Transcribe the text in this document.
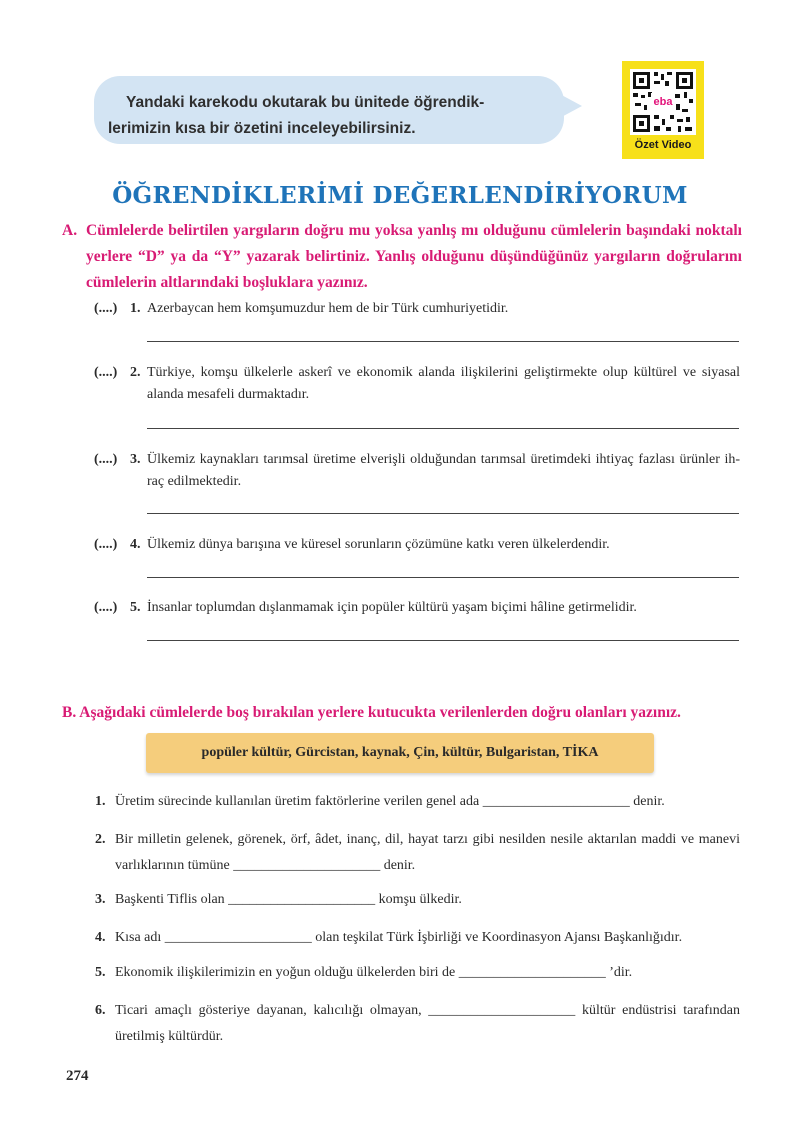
Yandaki karekodu okutarak bu ünitede öğrendik-
lerimizin kısa bir özetini inceleyebilirsiniz.
eba
Özet Video
ÖĞRENDİKLERİMİ DEĞERLENDİRİYORUM
A. Cümlelerde belirtilen yargıların doğru mu yoksa yanlış mı olduğunu cümlelerin başındaki noktalı yerlere “D” ya da “Y” yazarak belirtiniz. Yanlış olduğunu düşündüğünüz yargıların doğrularını cümlelerin altlarındaki boşluklara yazınız.
(....) 1. Azerbaycan hem komşumuzdur hem de bir Türk cumhuriyetidir.
(....) 2. Türkiye, komşu ülkelerle askerî ve ekonomik alanda ilişkilerini geliştirmekte olup kültürel ve siyasal alanda mesafeli durmaktadır.
(....) 3. Ülkemiz kaynakları tarımsal üretime elverişli olduğundan tarımsal üretimdeki ihtiyaç fazlası ürünler ih-raç edilmektedir.
(....) 4. Ülkemiz dünya barışına ve küresel sorunların çözümüne katkı veren ülkelerdendir.
(....) 5. İnsanlar toplumdan dışlanmamak için popüler kültürü yaşam biçimi hâline getirmelidir.
B. Aşağıdaki cümlelerde boş bırakılan yerlere kutucukta verilenlerden doğru olanları yazınız.
popüler kültür, Gürcistan, kaynak, Çin, kültür, Bulgaristan, TİKA
1. Üretim sürecinde kullanılan üretim faktörlerine verilen genel ada _____________________ denir.
2. Bir milletin gelenek, görenek, örf, âdet, inanç, dil, hayat tarzı gibi nesilden nesile aktarılan maddi ve manevi varlıklarının tümüne _____________________ denir.
3. Başkenti Tiflis olan _____________________ komşu ülkedir.
4. Kısa adı _____________________ olan teşkilat Türk İşbirliği ve Koordinasyon Ajansı Başkanlığıdır.
5. Ekonomik ilişkilerimizin en yoğun olduğu ülkelerden biri de _____________________ ’dir.
6. Ticari amaçlı gösteriye dayanan, kalıcılığı olmayan, _____________________ kültür endüstrisi tarafından üretilmiş kültürdür.
274
